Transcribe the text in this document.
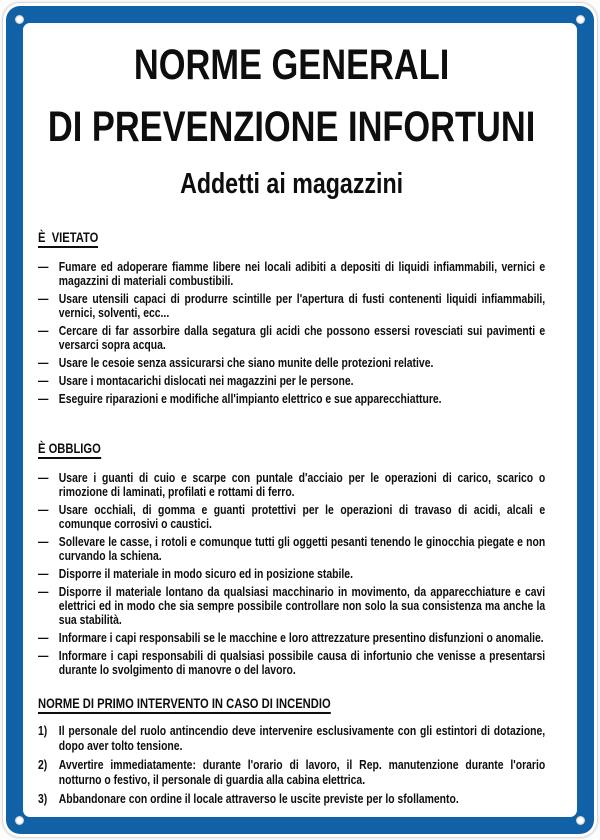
NORME GENERALI
DI PREVENZIONE INFORTUNI
Addetti ai magazzini
È  VIETATO
— Fumare ed adoperare fiamme libere nei locali adibiti a depositi di liquidi infiammabili, vernici e magazzini di materiali combustibili.
— Usare utensili capaci di produrre scintille per l'apertura di fusti contenenti liquidi infiammabili, vernici, solventi, ecc...
— Cercare di far assorbire dalla segatura gli acidi che possono essersi rovesciati sui pavimenti e versarci sopra acqua.
— Usare le cesoie senza assicurarsi che siano munite delle protezioni relative.
— Usare i montacarichi dislocati nei magazzini per le persone.
— Eseguire riparazioni e modifiche all'impianto elettrico e sue apparecchiatture.
È OBBLIGO
— Usare i guanti di cuio e scarpe con puntale d'acciaio per le operazioni di carico, scarico o rimozione di laminati, profilati e rottami di ferro.
— Usare occhiali, di gomma e guanti protettivi per le operazioni di travaso di acidi, alcali e comunque corrosivi o caustici.
— Sollevare le casse, i rotoli e comunque tutti gli oggetti pesanti tenendo le ginocchia piegate e non curvando la schiena.
— Disporre il materiale in modo sicuro ed in posizione stabile.
— Disporre il materiale lontano da qualsiasi macchinario in movimento, da apparecchiature e cavi elettrici ed in modo che sia sempre possibile controllare non solo la sua consistenza ma anche la sua stabilità.
— Informare i capi responsabili se le macchine e loro attrezzature presentino disfunzioni o anomalie.
— Informare i capi responsabili di qualsiasi possibile causa di infortunio che venisse a presentarsi durante lo svolgimento di manovre o del lavoro.
NORME DI PRIMO INTERVENTO IN CASO DI INCENDIO
1) Il personale del ruolo antincendio deve intervenire esclusivamente con gli estintori di dotazione, dopo aver tolto tensione.
2) Avvertire immediatamente: durante l'orario di lavoro, il Rep. manutenzione durante l'orario notturno o festivo, il personale di guardia alla cabina elettrica.
3) Abbandonare con ordine il locale attraverso le uscite previste per lo sfollamento.
